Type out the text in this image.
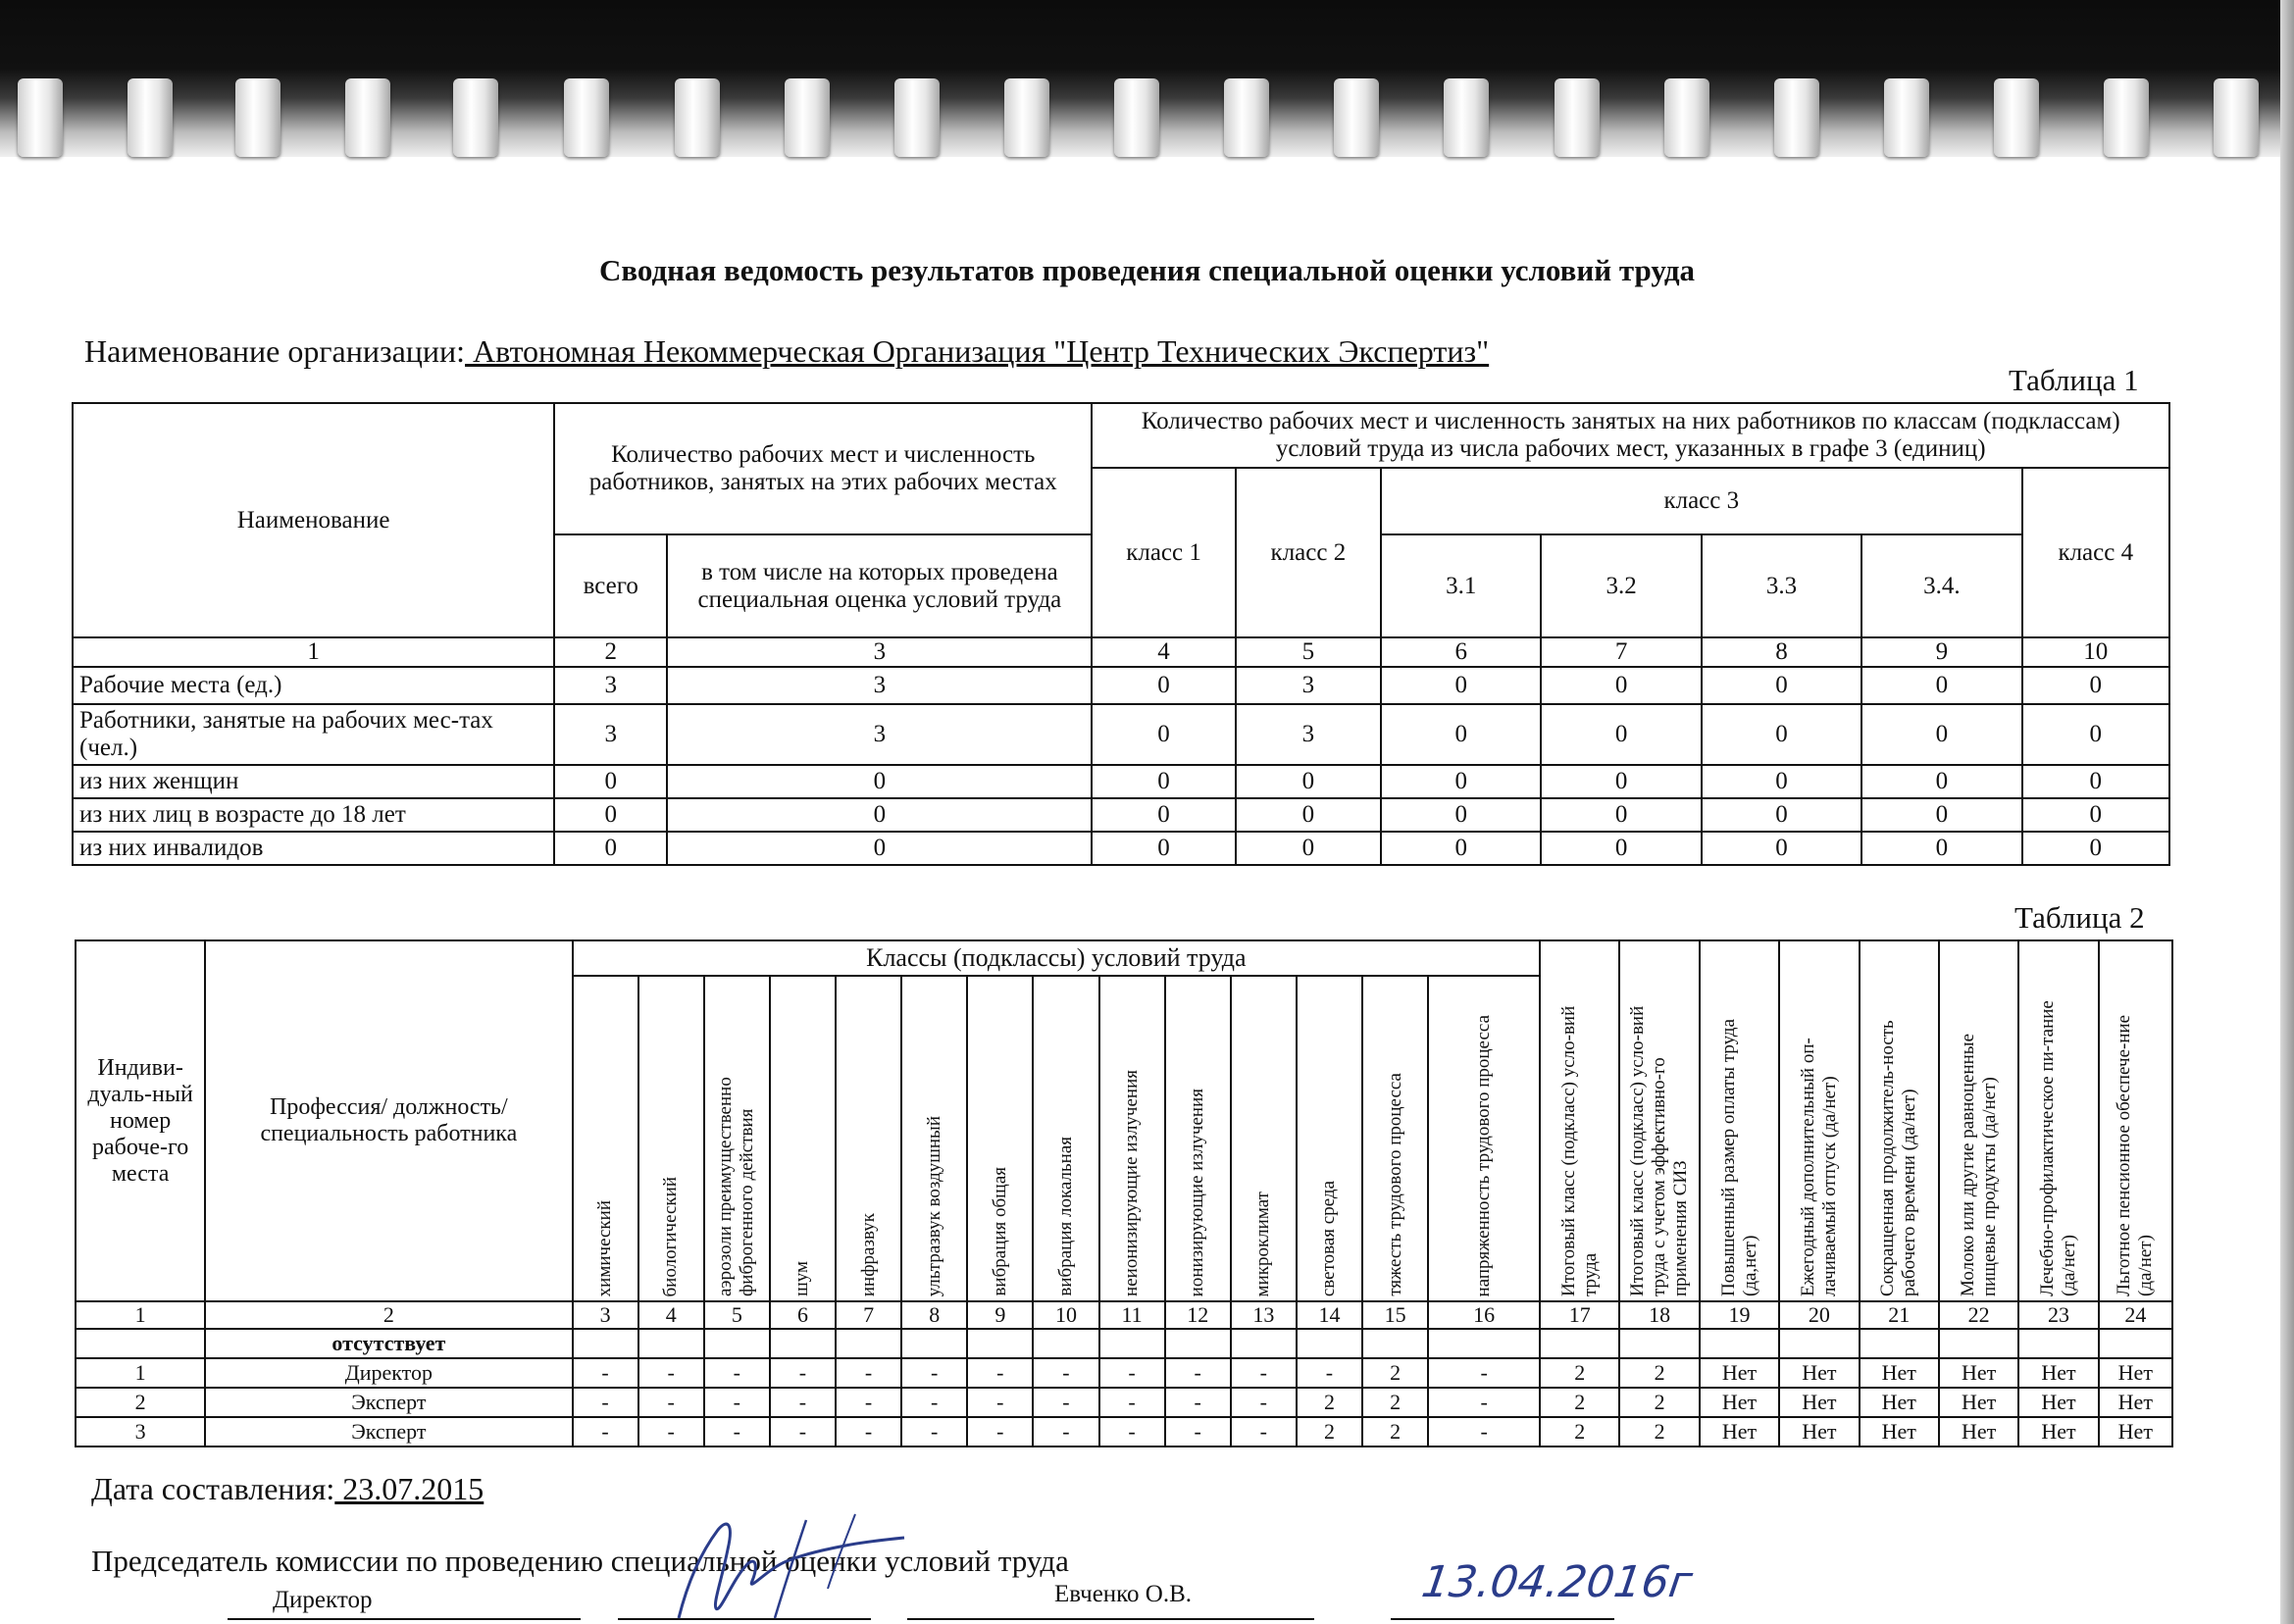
Сводная ведомость результатов проведения специальной оценки условий труда
Наименование организации: Автономная Некоммерческая Организация "Центр Технических Экспертиз"
Таблица 1
Наименование	Количество рабочих мест и численность работников, занятых на этих рабочих местах		Количество рабочих мест и численность занятых на них работников по классам (подклассам) условий труда из числа рабочих мест, указанных в графе 3 (единиц)						
			класс 1	класс 2	класс 3				класс 4
	всего	в том числе на которых проведена специальная оценка условий труда			3.1	3.2	3.3	3.4.	
1	2	3	4	5	6	7	8	9	10
Рабочие места (ед.)	3	3	0	3	0	0	0	0	0
Работники, занятые на рабочих мес-тах (чел.)	3	3	0	3	0	0	0	0	0
из них женщин	0	0	0	0	0	0	0	0	0
из них лиц в возрасте до 18 лет	0	0	0	0	0	0	0	0	0
из них инвалидов	0	0	0	0	0	0	0	0	0
Таблица 2
Индиви-дуаль-ный номер рабоче-го места	Профессия/ должность/ специальность работника	Классы (подклассы) условий труда														Итоговый класс (подкласс) усло-вий труда	Итоговый класс (подкласс) усло-вий труда с учетом эффективно-го применения СИЗ	Повышенный размер оплаты труда (да,нет)	Ежегодный дополнительный оп-лачиваемый отпуск (да/нет)	Сокращенная продолжитель-ность рабочего времени (да/нет)	Молоко или другие равноценные пищевые продукты (да/нет)	Лечебно-профилактическое пи-тание (да/нет)	Льготное пенсионное обеспече-ние (да/нет)

		химический	биологический	аэрозоли преимущественно фиброгенного действия	шум	инфразвук	ультразвук воздушный	вибрация общая	вибрация локальная	неионизирующие излучения	ионизирующие излучения	микроклимат	световая среда	тяжесть трудового процесса	напряженность трудового процесса								

1	2	3	4	5	6	7	8	9	10	11	12	13	14	15	16	17	18	19	20	21	22	23	24
	отсутствует																						
1	Директор	-	-	-	-	-	-	-	-	-	-	-	-	2	-	2	2	Нет	Нет	Нет	Нет	Нет	Нет
2	Эксперт	-	-	-	-	-	-	-	-	-	-	-	2	2	-	2	2	Нет	Нет	Нет	Нет	Нет	Нет
3	Эксперт	-	-	-	-	-	-	-	-	-	-	-	2	2	-	2	2	Нет	Нет	Нет	Нет	Нет	Нет
Дата составления: 23.07.2015
Председатель комиссии по проведению специальной оценки условий труда
Директор	Евченко О.В.	13.04.2016г
